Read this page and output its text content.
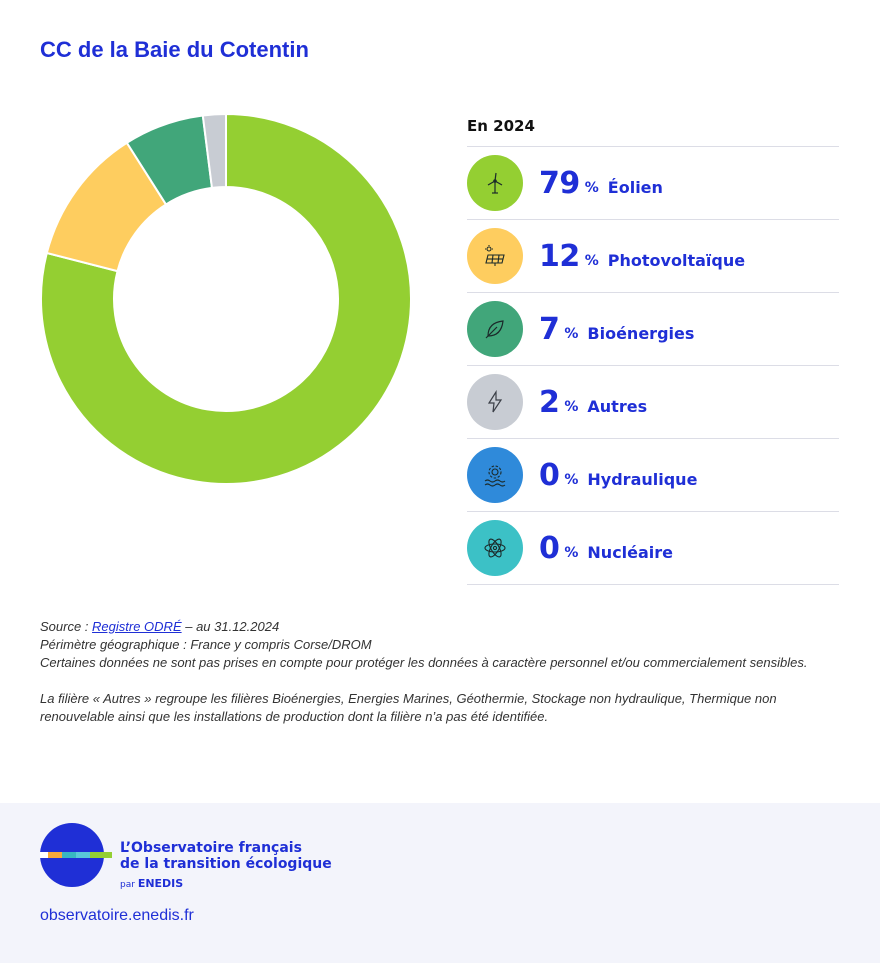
CC de la Baie du Cotentin
En 2024
79 % Éolien
12 % Photovoltaïque
7 % Bioénergies
2 % Autres
0 % Hydraulique
0 % Nucléaire

Source : Registre ODRÉ – au 31.12.2024

Périmètre géographique : France y compris Corse/DROM

Certaines données ne sont pas prises en compte pour protéger les données à caractère personnel et/ou commercialement sensibles.

La filière « Autres » regroupe les filières Bioénergies, Energies Marines, Géothermie, Stockage non hydraulique, Thermique non renouvelable ainsi que les installations de production dont la filière n’a pas été identifiée.

L’Observatoire français
de la transition écologique
par ENEDIS
observatoire.enedis.fr
